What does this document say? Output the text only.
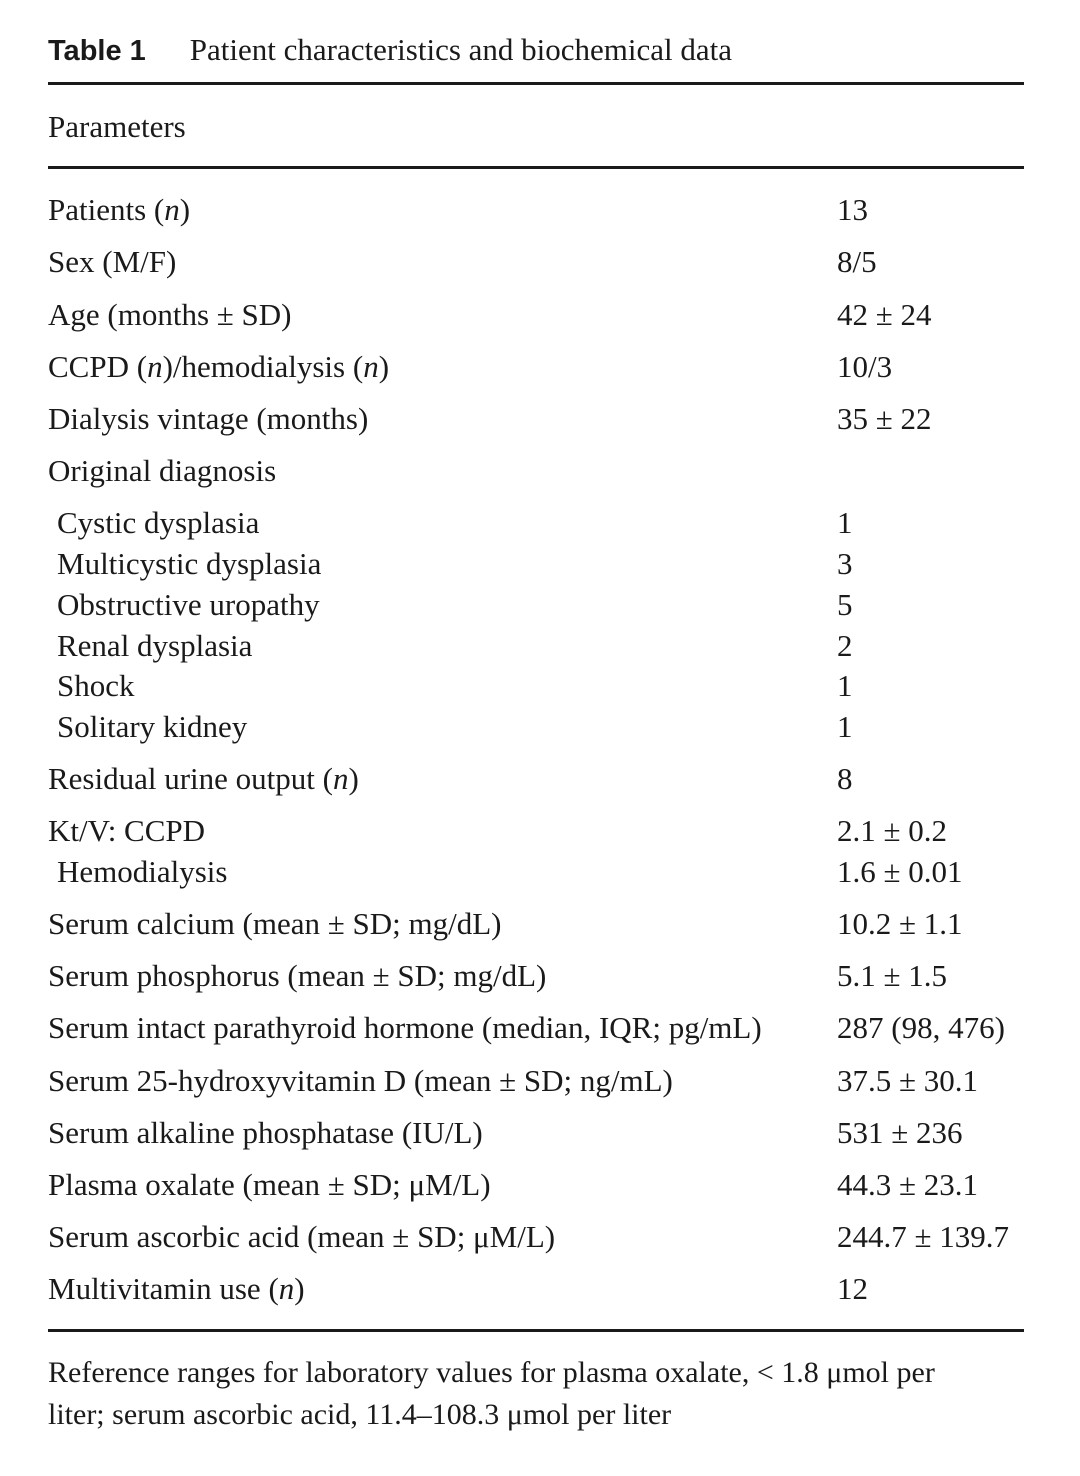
Table 1 Patient characteristics and biochemical data
Parameters
Patients (n)	13
Sex (M/F)	8/5
Age (months ± SD)	42 ± 24
CCPD (n)/hemodialysis (n)	10/3
Dialysis vintage (months)	35 ± 22
Original diagnosis
Cystic dysplasia	1
Multicystic dysplasia	3
Obstructive uropathy	5
Renal dysplasia	2
Shock	1
Solitary kidney	1
Residual urine output (n)	8
Kt/V: CCPD	2.1 ± 0.2
Hemodialysis	1.6 ± 0.01
Serum calcium (mean ± SD; mg/dL)	10.2 ± 1.1
Serum phosphorus (mean ± SD; mg/dL)	5.1 ± 1.5
Serum intact parathyroid hormone (median, IQR; pg/mL) 287 (98, 476)
Serum 25-hydroxyvitamin D (mean ± SD; ng/mL)	37.5 ± 30.1
Serum alkaline phosphatase (IU/L)	531 ± 236
Plasma oxalate (mean ± SD; μM/L)	44.3 ± 23.1
Serum ascorbic acid (mean ± SD; μM/L)	244.7 ± 139.7
Multivitamin use (n)	12
Reference ranges for laboratory values for plasma oxalate, < 1.8 μmol per
liter; serum ascorbic acid, 11.4–108.3 μmol per liter
